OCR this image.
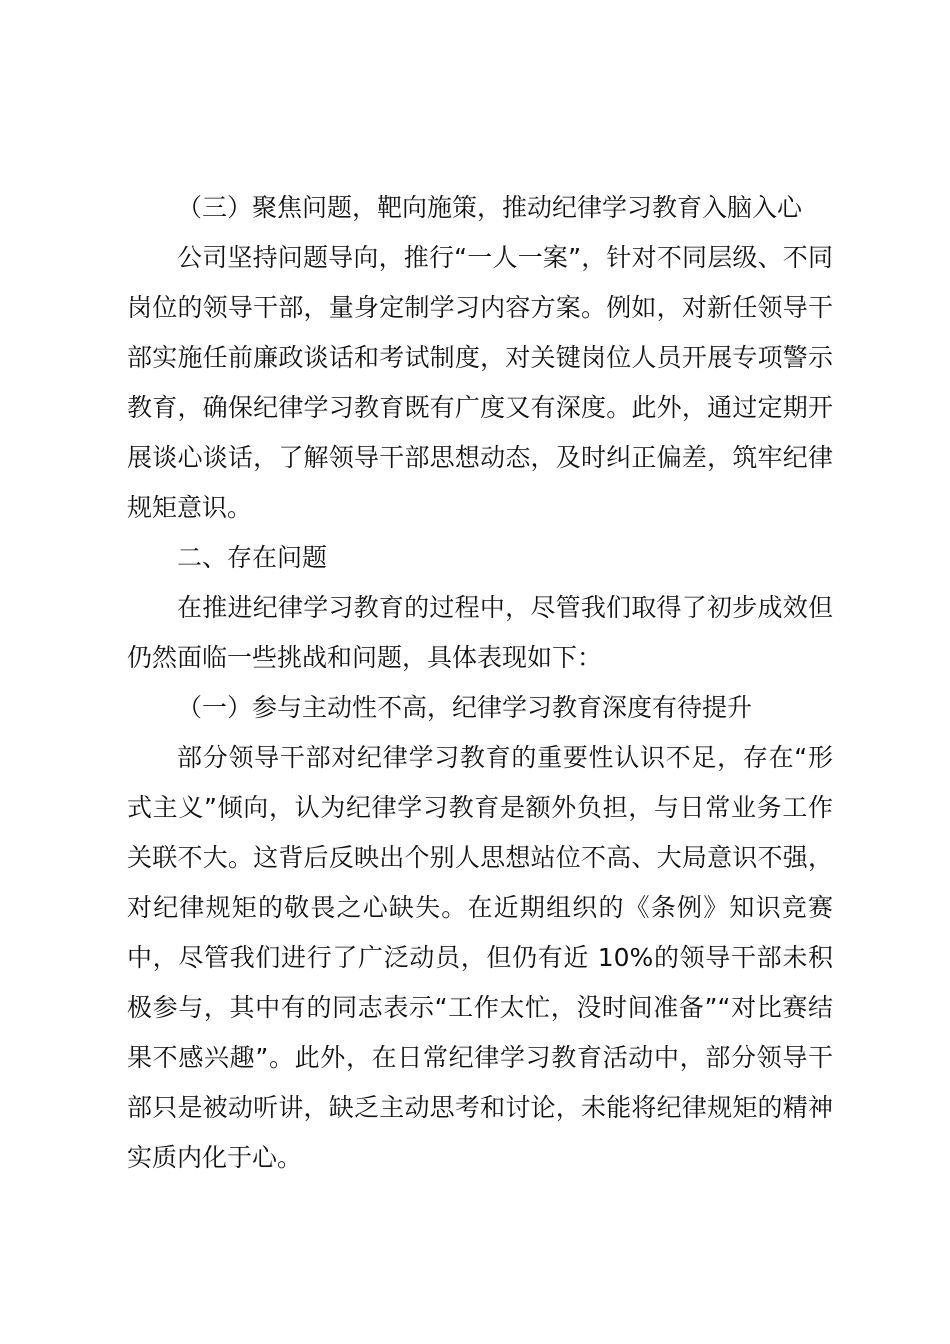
（三）聚焦问题，靶向施策，推动纪律学习教育入脑入心

公司坚持问题导向，推行“一人一案”，针对不同层级、不同岗位的领导干部，量身定制学习内容方案。例如，对新任领导干部实施任前廉政谈话和考试制度，对关键岗位人员开展专项警示教育，确保纪律学习教育既有广度又有深度。此外，通过定期开展谈心谈话，了解领导干部思想动态，及时纠正偏差，筑牢纪律规矩意识。

二、存在问题

在推进纪律学习教育的过程中，尽管我们取得了初步成效但仍然面临一些挑战和问题，具体表现如下：

（一）参与主动性不高，纪律学习教育深度有待提升

部分领导干部对纪律学习教育的重要性认识不足，存在“形式主义”倾向，认为纪律学习教育是额外负担，与日常业务工作关联不大。这背后反映出个别人思想站位不高、大局意识不强，对纪律规矩的敬畏之心缺失。在近期组织的《条例》知识竞赛中，尽管我们进行了广泛动员，但仍有近 10%的领导干部未积极参与，其中有的同志表示“工作太忙，没时间准备”“对比赛结果不感兴趣”。此外，在日常纪律学习教育活动中，部分领导干部只是被动听讲，缺乏主动思考和讨论，未能将纪律规矩的精神实质内化于心。
